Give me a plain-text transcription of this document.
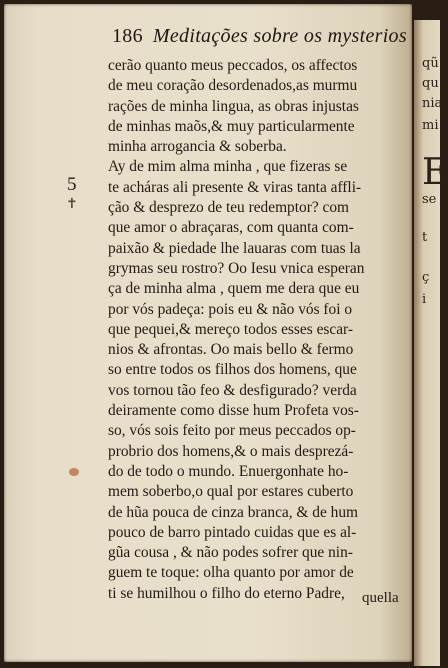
qũ
qu
nia
mi
E
se
t
ç
i
186 Meditações sobre os mysterios
5
✝
cerão quanto meus peccados, os affectos
de meu coração desordenados,as murmu
rações de minha lingua, as obras injustas
de minhas maõs,& muy particularmente
minha arrogancia & soberba.
Ay de mim alma minha , que fizeras se
te acháras ali presente & viras tanta affli-
ção & desprezo de teu redemptor? com
que amor o abraçaras, com quanta com-
paixão & piedade lhe lauaras com tuas la
grymas seu rostro? Oo Iesu vnica esperan
ça de minha alma , quem me dera que eu
por vós padeça: pois eu & não vós foi o
que pequei,& mereço todos esses escar-
nios & afrontas. Oo mais bello & fermo
so entre todos os filhos dos homens, que
vos tornou tão feo & desfigurado? verda
deiramente como disse hum Profeta vos-
so, vós sois feito por meus peccados op-
probrio dos homens,& o mais desprezá-
do de todo o mundo. Enuergonhate ho-
mem soberbo,o qual por estares cuberto
de hũa pouca de cinza branca, & de hum
pouco de barro pintado cuidas que es al-
gũa cousa , & não podes sofrer que nin-
guem te toque: olha quanto por amor de
ti se humilhou o filho do eterno Padre,	quella
